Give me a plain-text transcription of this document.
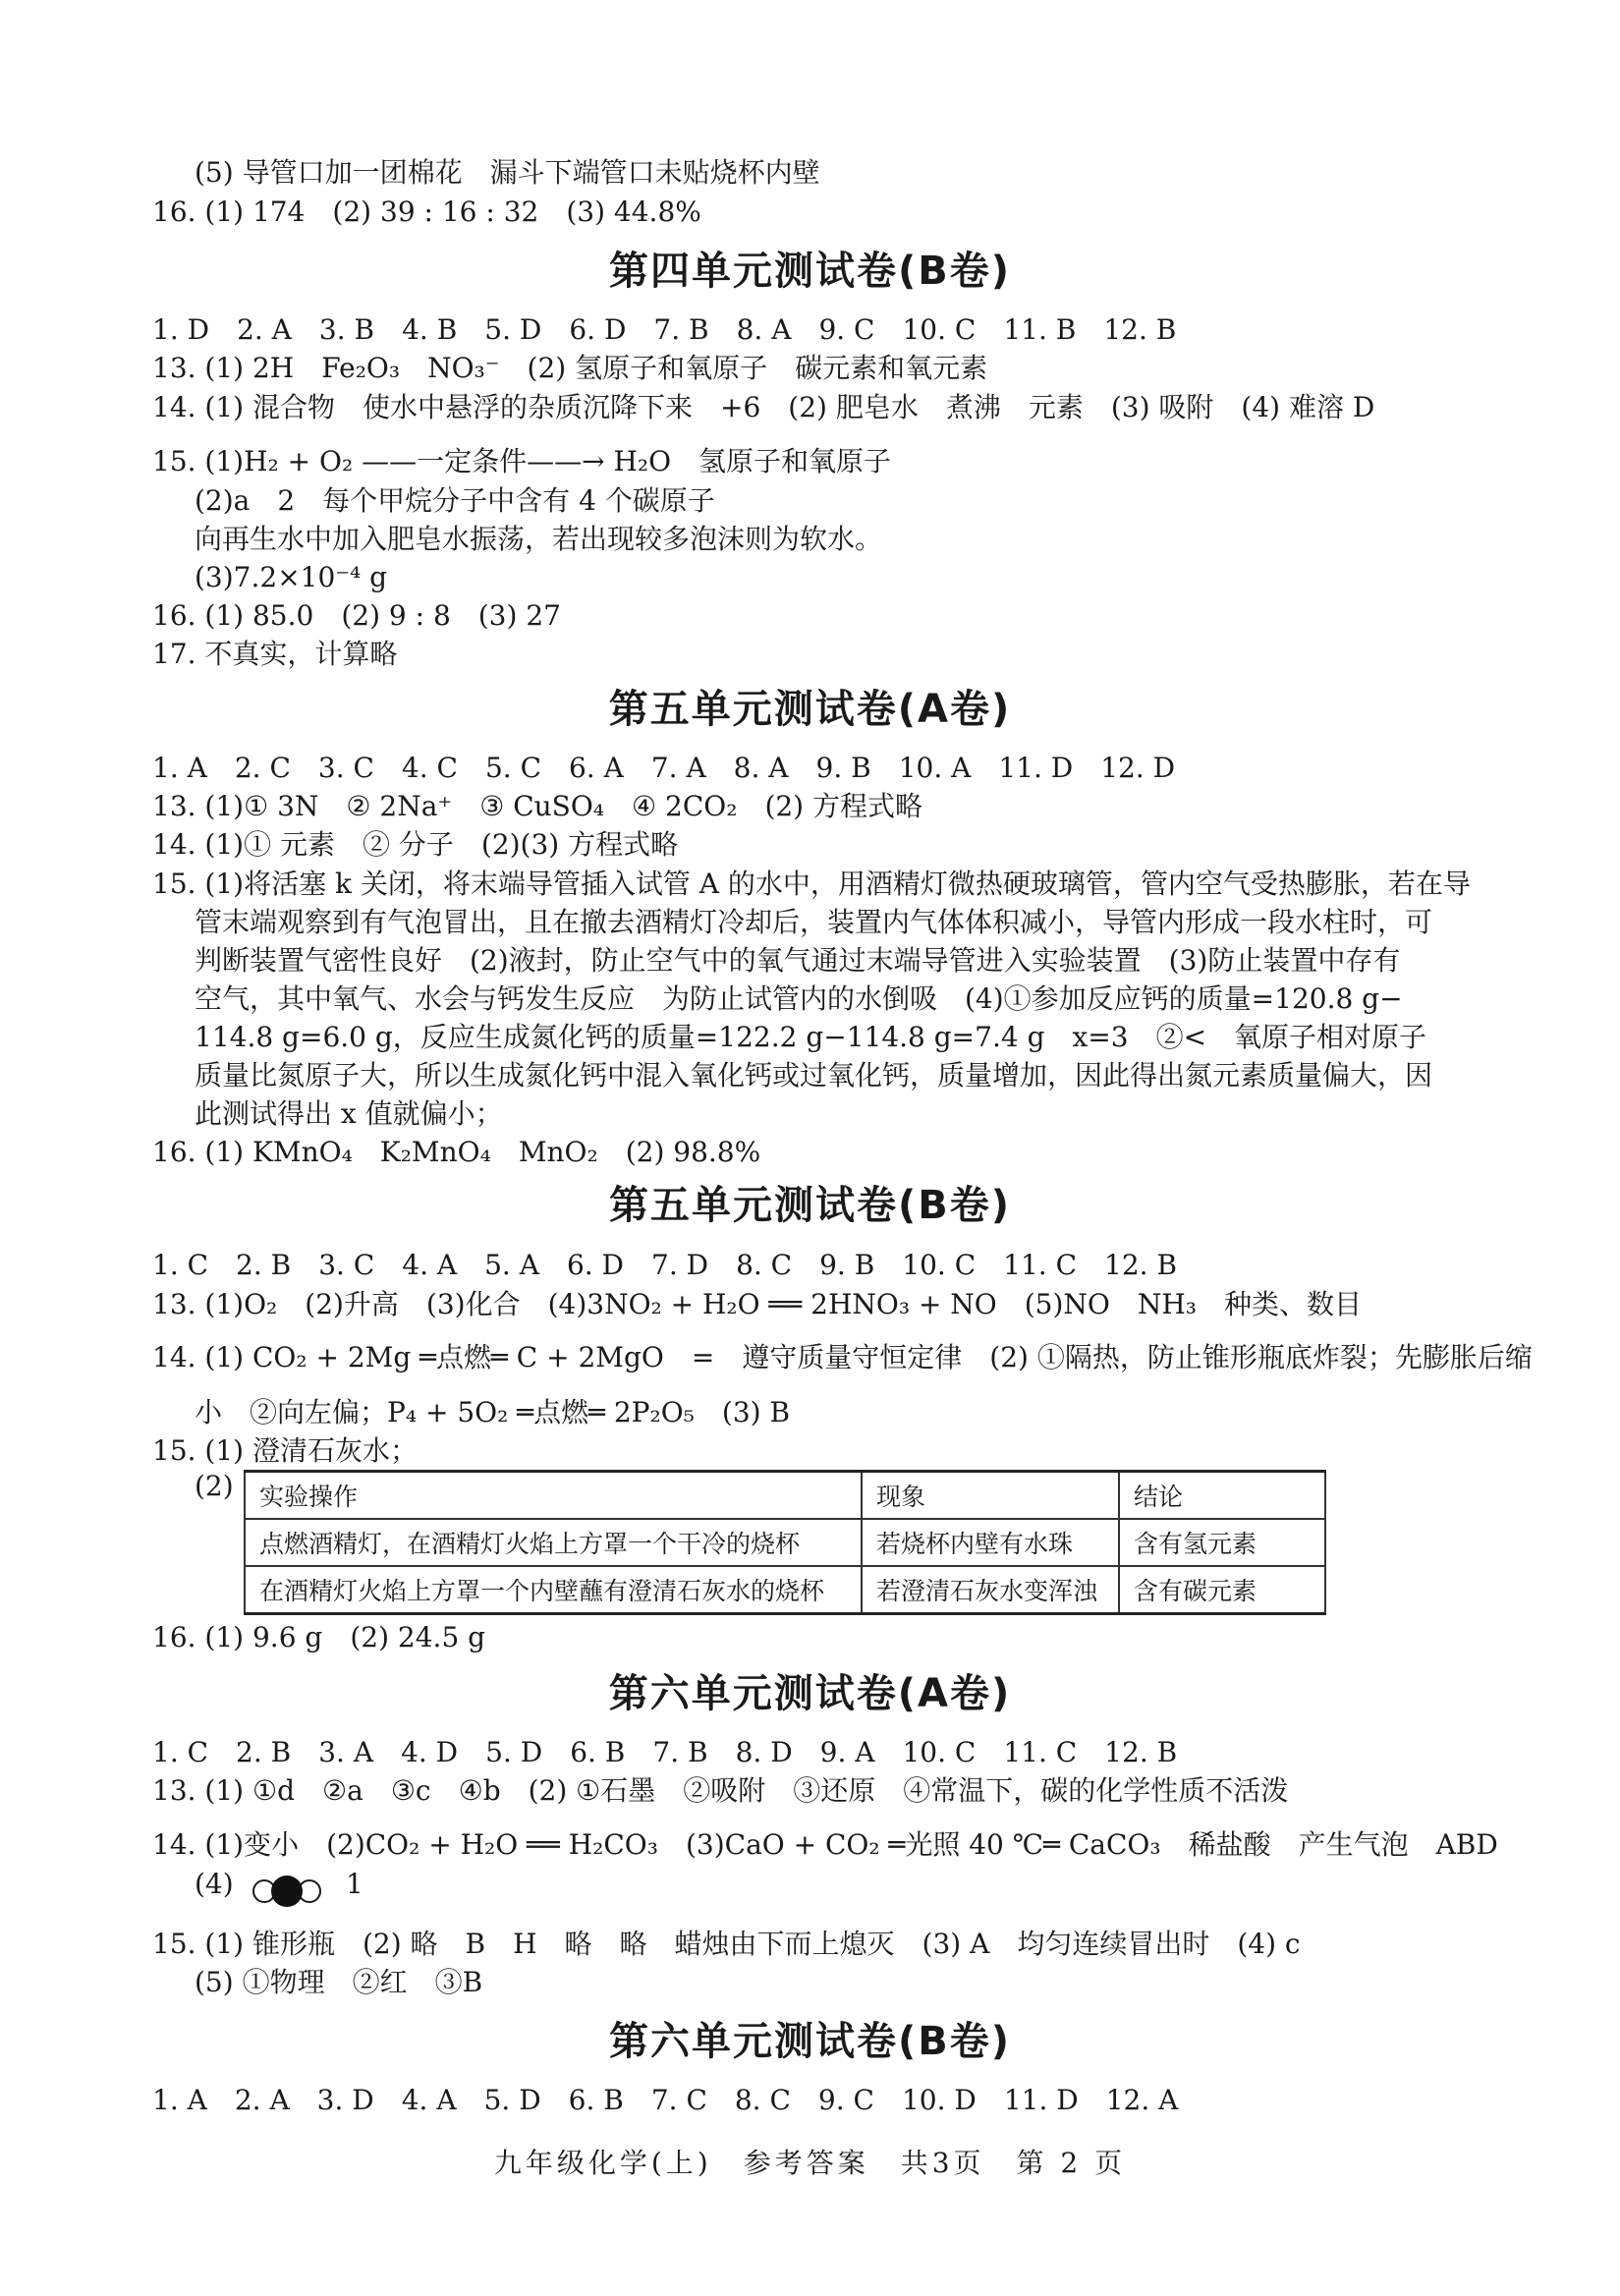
(5) 导管口加一团棉花　漏斗下端管口未贴烧杯内壁
16. (1) 174　(2) 39 : 16 : 32　(3) 44.8%
第四单元测试卷(B卷)
1. D　2. A　3. B　4. B　5. D　6. D　7. B　8. A　9. C　10. C　11. B　12. B
13. (1) 2H　Fe₂O₃　NO₃⁻　(2) 氢原子和氧原子　碳元素和氧元素
14. (1) 混合物　使水中悬浮的杂质沉降下来　+6　(2) 肥皂水　煮沸　元素　(3) 吸附　(4) 难溶 D
15. (1)H₂ + O₂ ——一定条件——→ H₂O　氢原子和氧原子
(2)a　2　每个甲烷分子中含有 4 个碳原子
向再生水中加入肥皂水振荡，若出现较多泡沫则为软水。
(3)7.2×10⁻⁴ g
16. (1) 85.0　(2) 9 : 8　(3) 27
17. 不真实，计算略
第五单元测试卷(A卷)
1. A　2. C　3. C　4. C　5. C　6. A　7. A　8. A　9. B　10. A　11. D　12. D
13. (1)① 3N　② 2Na⁺　③ CuSO₄　④ 2CO₂　(2) 方程式略
14. (1)① 元素　② 分子　(2)(3) 方程式略
15. (1)将活塞 k 关闭，将末端导管插入试管 A 的水中，用酒精灯微热硬玻璃管，管内空气受热膨胀，若在导
管末端观察到有气泡冒出，且在撤去酒精灯冷却后，装置内气体体积减小，导管内形成一段水柱时，可
判断装置气密性良好　(2)液封，防止空气中的氧气通过末端导管进入实验装置　(3)防止装置中存有
空气，其中氧气、水会与钙发生反应　为防止试管内的水倒吸　(4)①参加反应钙的质量=120.8 g−
114.8 g=6.0 g，反应生成氮化钙的质量=122.2 g−114.8 g=7.4 g　x=3　②<　氧原子相对原子
质量比氮原子大，所以生成氮化钙中混入氧化钙或过氧化钙，质量增加，因此得出氮元素质量偏大，因
此测试得出 x 值就偏小；
16. (1) KMnO₄　K₂MnO₄　MnO₂　(2) 98.8%
第五单元测试卷(B卷)
1. C　2. B　3. C　4. A　5. A　6. D　7. D　8. C　9. B　10. C　11. C　12. B
13. (1)O₂　(2)升高　(3)化合　(4)3NO₂ + H₂O ══ 2HNO₃ + NO　(5)NO　NH₃　种类、数目
14. (1) CO₂ + 2Mg ═点燃═ C + 2MgO　=　遵守质量守恒定律　(2) ①隔热，防止锥形瓶底炸裂；先膨胀后缩
小　②向左偏；P₄ + 5O₂ ═点燃═ 2P₂O₅　(3) B
15. (1) 澄清石灰水；
(2) 实验操作	现象	结论
点燃酒精灯，在酒精灯火焰上方罩一个干冷的烧杯	若烧杯内壁有水珠	含有氢元素
在酒精灯火焰上方罩一个内壁蘸有澄清石灰水的烧杯	若澄清石灰水变浑浊	含有碳元素
16. (1) 9.6 g　(2) 24.5 g
第六单元测试卷(A卷)
1. C　2. B　3. A　4. D　5. D　6. B　7. B　8. D　9. A　10. C　11. C　12. B
13. (1) ①d　②a　③c　④b　(2) ①石墨　②吸附　③还原　④常温下，碳的化学性质不活泼
14. (1)变小　(2)CO₂ + H₂O ══ H₂CO₃　(3)CaO + CO₂ ═光照 40 ℃═ CaCO₃　稀盐酸　产生气泡　ABD
(4)	1
15. (1) 锥形瓶　(2) 略　B　H　略　略　蜡烛由下而上熄灭　(3) A　均匀连续冒出时　(4) c
(5) ①物理　②红　③B
第六单元测试卷(B卷)
1. A　2. A　3. D　4. A　5. D　6. B　7. C　8. C　9. C　10. D　11. D　12. A
九年级化学(上)　参考答案　共3页　第 2 页
